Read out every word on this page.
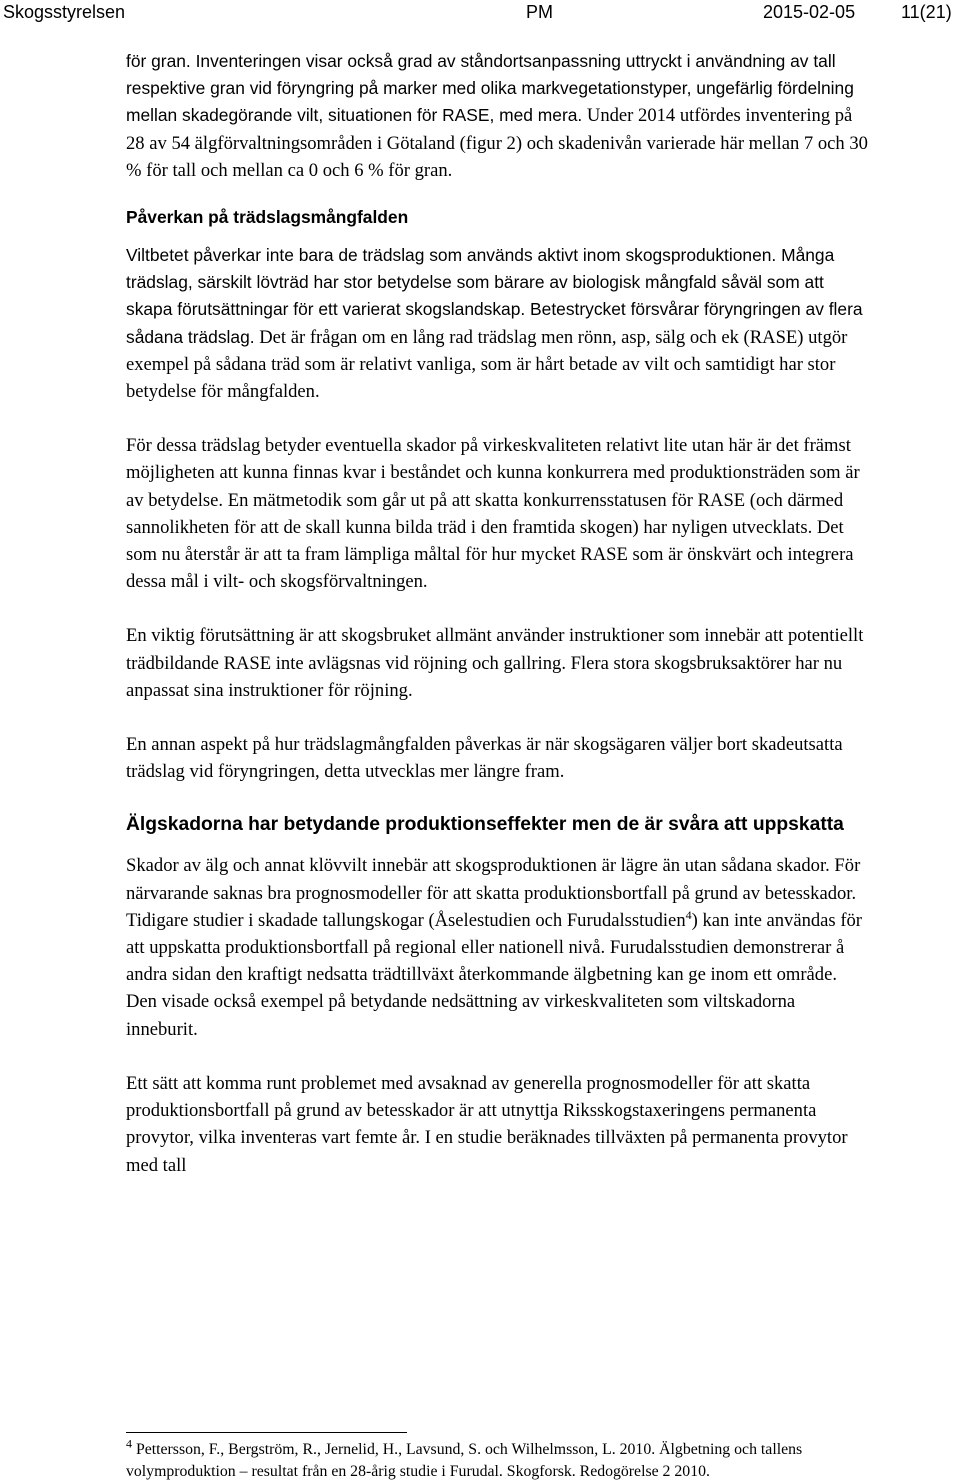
Skogsstyrelsen	PM	2015-02-05	11(21)

för gran. Inventeringen visar också grad av ståndortsanpassning uttryckt i användning av tall respektive gran vid föryngring på marker med olika markvegetationstyper, ungefärlig fördelning mellan skadegörande vilt, situationen för RASE, med mera. Under 2014 utfördes inventering på 28 av 54 älgförvaltningsområden i Götaland (figur 2) och skadenivån varierade här mellan 7 och 30 % för tall och mellan ca 0 och 6 % för gran.

Påverkan på trädslagsmångfalden

Viltbetet påverkar inte bara de trädslag som används aktivt inom skogsproduktionen. Många trädslag, särskilt lövträd har stor betydelse som bärare av biologisk mångfald såväl som att skapa förutsättningar för ett varierat skogslandskap. Betestrycket försvårar föryngringen av flera sådana trädslag. Det är frågan om en lång rad trädslag men rönn, asp, sälg och ek (RASE) utgör exempel på sådana träd som är relativt vanliga, som är hårt betade av vilt och samtidigt har stor betydelse för mångfalden.

För dessa trädslag betyder eventuella skador på virkeskvaliteten relativt lite utan här är det främst möjligheten att kunna finnas kvar i beståndet och kunna konkurrera med produktionsträden som är av betydelse. En mätmetodik som går ut på att skatta konkurrensstatusen för RASE (och därmed sannolikheten för att de skall kunna bilda träd i den framtida skogen) har nyligen utvecklats. Det som nu återstår är att ta fram lämpliga måltal för hur mycket RASE som är önskvärt och integrera dessa mål i vilt- och skogsförvaltningen.

En viktig förutsättning är att skogsbruket allmänt använder instruktioner som innebär att potentiellt trädbildande RASE inte avlägsnas vid röjning och gallring. Flera stora skogsbruksaktörer har nu anpassat sina instruktioner för röjning.

En annan aspekt på hur trädslagmångfalden påverkas är när skogsägaren väljer bort skadeutsatta trädslag vid föryngringen, detta utvecklas mer längre fram.

Älgskadorna har betydande produktionseffekter men de är svåra att uppskatta

Skador av älg och annat klövvilt innebär att skogsproduktionen är lägre än utan sådana skador. För närvarande saknas bra prognosmodeller för att skatta produktionsbortfall på grund av betesskador. Tidigare studier i skadade tallungskogar (Åselestudien och Furudalsstudien$^4$) kan inte användas för att uppskatta produktionsbortfall på regional eller nationell nivå. Furudalsstudien demonstrerar å andra sidan den kraftigt nedsatta trädtillväxt återkommande älgbetning kan ge inom ett område. Den visade också exempel på betydande nedsättning av virkeskvaliteten som viltskadorna inneburit.

Ett sätt att komma runt problemet med avsaknad av generella prognosmodeller för att skatta produktionsbortfall på grund av betesskador är att utnyttja Riksskogstaxeringens permanenta provytor, vilka inventeras vart femte år. I en studie beräknades tillväxten på permanenta provytor med tall

$^4$ Pettersson, F., Bergström, R., Jernelid, H., Lavsund, S. och Wilhelmsson, L. 2010. Älgbetning och tallens volymproduktion – resultat från en 28-årig studie i Furudal. Skogforsk. Redogörelse 2 2010.
